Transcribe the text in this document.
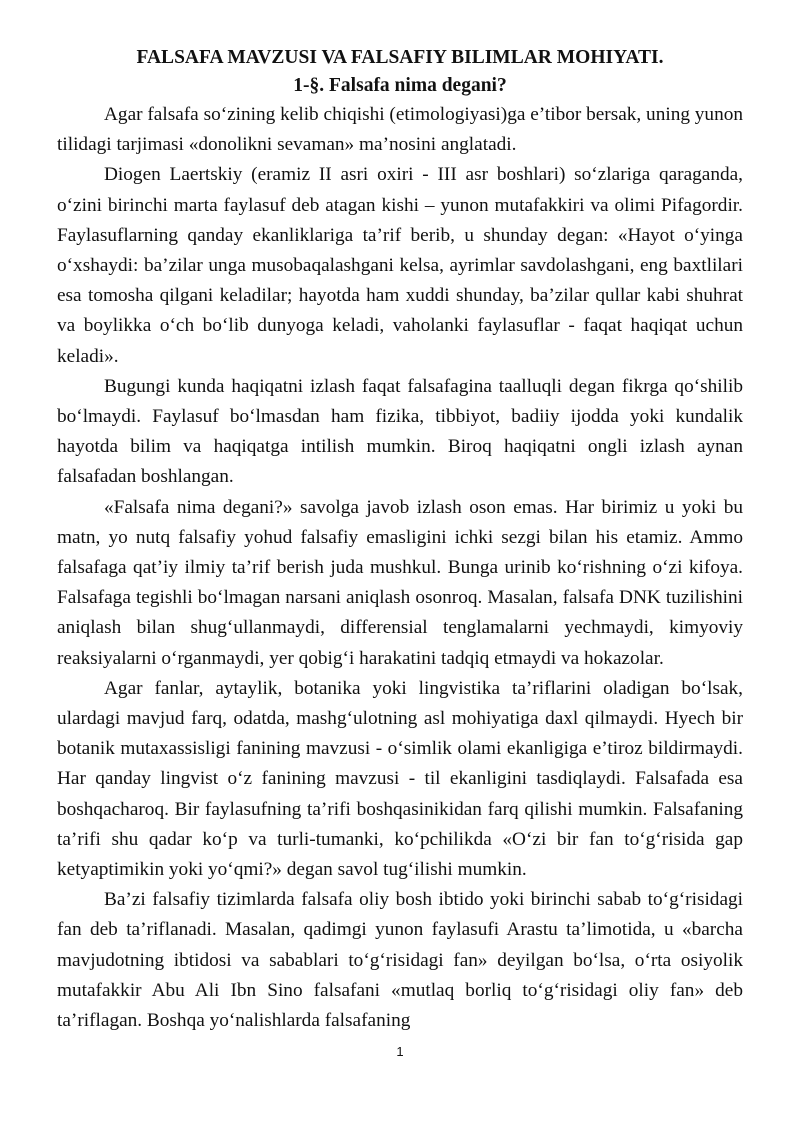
FALSAFA MAVZUSI VA FALSAFIY BILIMLAR MOHIYATI.
1-§. Falsafa nima degani?

Agar falsafa so‘zining kelib chiqishi (etimologiyasi)ga e’tibor bersak, uning yunon tilidagi tarjimasi «donolikni sevaman» ma’nosini anglatadi.

Diogen Laertskiy (eramiz II asri oxiri - III asr boshlari) so‘zlariga qaraganda, o‘zini birinchi marta faylasuf deb atagan kishi – yunon mutafakkiri va olimi Pifagordir. Faylasuflarning qanday ekanliklariga ta’rif berib, u shunday degan: «Hayot o‘yinga o‘xshaydi: ba’zilar unga musobaqalashgani kelsa, ayrimlar savdolashgani, eng baxtlilari esa tomosha qilgani keladilar; hayotda ham xuddi shunday, ba’zilar qullar kabi shuhrat va boylikka o‘ch bo‘lib dunyoga keladi, vaholanki faylasuflar - faqat haqiqat uchun keladi».

Bugungi kunda haqiqatni izlash faqat falsafagina taalluqli degan fikrga qo‘shilib bo‘lmaydi. Faylasuf bo‘lmasdan ham fizika, tibbiyot, badiiy ijodda yoki kundalik hayotda bilim va haqiqatga intilish mumkin. Biroq haqiqatni ongli izlash aynan falsafadan boshlangan.

«Falsafa nima degani?» savolga javob izlash oson emas. Har birimiz u yoki bu matn, yo nutq falsafiy yohud falsafiy emasligini ichki sezgi bilan his etamiz. Ammo falsafaga qat’iy ilmiy ta’rif berish juda mushkul. Bunga urinib ko‘rishning o‘zi kifoya. Falsafaga tegishli bo‘lmagan narsani aniqlash osonroq. Masalan, falsafa DNK tuzilishini aniqlash bilan shug‘ullanmaydi, differensial tenglamalarni yechmaydi, kimyoviy reaksiyalarni o‘rganmaydi, yer qobig‘i harakatini tadqiq etmaydi va hokazolar.

Agar fanlar, aytaylik, botanika yoki lingvistika ta’riflarini oladigan bo‘lsak, ulardagi mavjud farq, odatda, mashg‘ulotning asl mohiyatiga daxl qilmaydi. Hyech bir botanik mutaxassisligi fanining mavzusi - o‘simlik olami ekanligiga e’tiroz bildirmaydi. Har qanday lingvist o‘z fanining mavzusi - til ekanligini tasdiqlaydi. Falsafada esa boshqacharoq. Bir faylasufning ta’rifi boshqasinikidan farq qilishi mumkin. Falsafaning ta’rifi shu qadar ko‘p va turli-tumanki, ko‘pchilikda «O‘zi bir fan to‘g‘risida gap ketyaptimikin yoki yo‘qmi?» degan savol tug‘ilishi mumkin.

Ba’zi falsafiy tizimlarda falsafa oliy bosh ibtido yoki birinchi sabab to‘g‘risidagi fan deb ta’riflanadi. Masalan, qadimgi yunon faylasufi Arastu ta’limotida, u «barcha mavjudotning ibtidosi va sabablari to‘g‘risidagi fan» deyilgan bo‘lsa, o‘rta osiyolik mutafakkir Abu Ali Ibn Sino falsafani «mutlaq borliq to‘g‘risidagi oliy fan» deb ta’riflagan. Boshqa yo‘nalishlarda falsafaning

1
